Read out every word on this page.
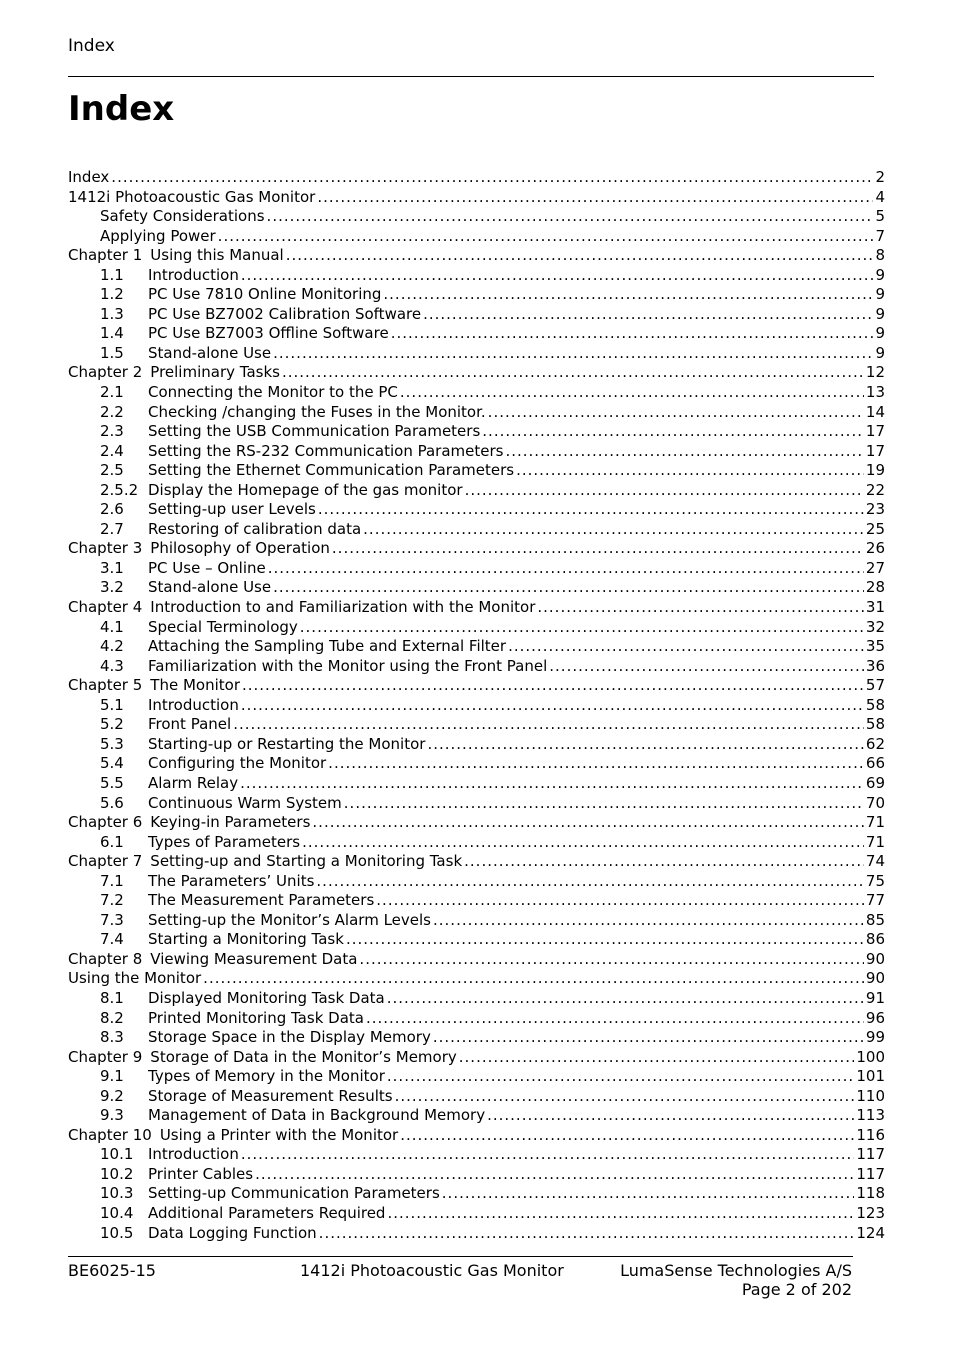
Index
Index
Index .....	2
1412i Photoacoustic Gas Monitor .....	4
Safety Considerations .....	5
Applying Power .....	7
Chapter 1 Using this Manual .....	8
1.1	Introduction .....	9
1.2	PC Use 7810 Online Monitoring .....	9
1.3	PC Use BZ7002 Calibration Software .....	9
1.4	PC Use BZ7003 Offline Software .....	9
1.5	Stand-alone Use .....	9
Chapter 2 Preliminary Tasks .....	12
2.1	Connecting the Monitor to the PC .....	13
2.2	Checking /changing the Fuses in the Monitor. .....	14
2.3	Setting the USB Communication Parameters .....	17
2.4	Setting the RS-232 Communication Parameters .....	17
2.5	Setting the Ethernet Communication Parameters .....	19
2.5.2 Display the Homepage of the gas monitor .....	22
2.6	Setting-up user Levels .....	23
2.7	Restoring of calibration data .....	25
Chapter 3 Philosophy of Operation .....	26
3.1	PC Use – Online .....	27
3.2	Stand-alone Use .....	28
Chapter 4 Introduction to and Familiarization with the Monitor .....	31
4.1	Special Terminology .....	32
4.2	Attaching the Sampling Tube and External Filter .....	35
4.3	Familiarization with the Monitor using the Front Panel .....	36
Chapter 5 The Monitor .....	57
5.1	Introduction .....	58
5.2	Front Panel .....	58
5.3	Starting-up or Restarting the Monitor .....	62
5.4	Configuring the Monitor .....	66
5.5	Alarm Relay .....	69
5.6	Continuous Warm System .....	70
Chapter 6 Keying-in Parameters .....	71
6.1	Types of Parameters .....	71
Chapter 7 Setting-up and Starting a Monitoring Task .....	74
7.1	The Parameters’ Units .....	75
7.2	The Measurement Parameters .....	77
7.3	Setting-up the Monitor’s Alarm Levels .....	85
7.4	Starting a Monitoring Task .....	86
Chapter 8 Viewing Measurement Data .....	90
Using the Monitor .....	90
8.1	Displayed Monitoring Task Data .....	91
8.2	Printed Monitoring Task Data .....	96
8.3	Storage Space in the Display Memory .....	99
Chapter 9 Storage of Data in the Monitor’s Memory .....	100
9.1	Types of Memory in the Monitor .....	101
9.2	Storage of Measurement Results .....	110
9.3	Management of Data in Background Memory .....	113
Chapter 10 Using a Printer with the Monitor .....	116
10.1 Introduction .....	117
10.2 Printer Cables .....	117
10.3 Setting-up Communication Parameters .....	118
10.4 Additional Parameters Required .....	123
10.5 Data Logging Function .....	124
BE6025-15	1412i Photoacoustic Gas Monitor	LumaSense Technologies A/S
Page 2 of 202
